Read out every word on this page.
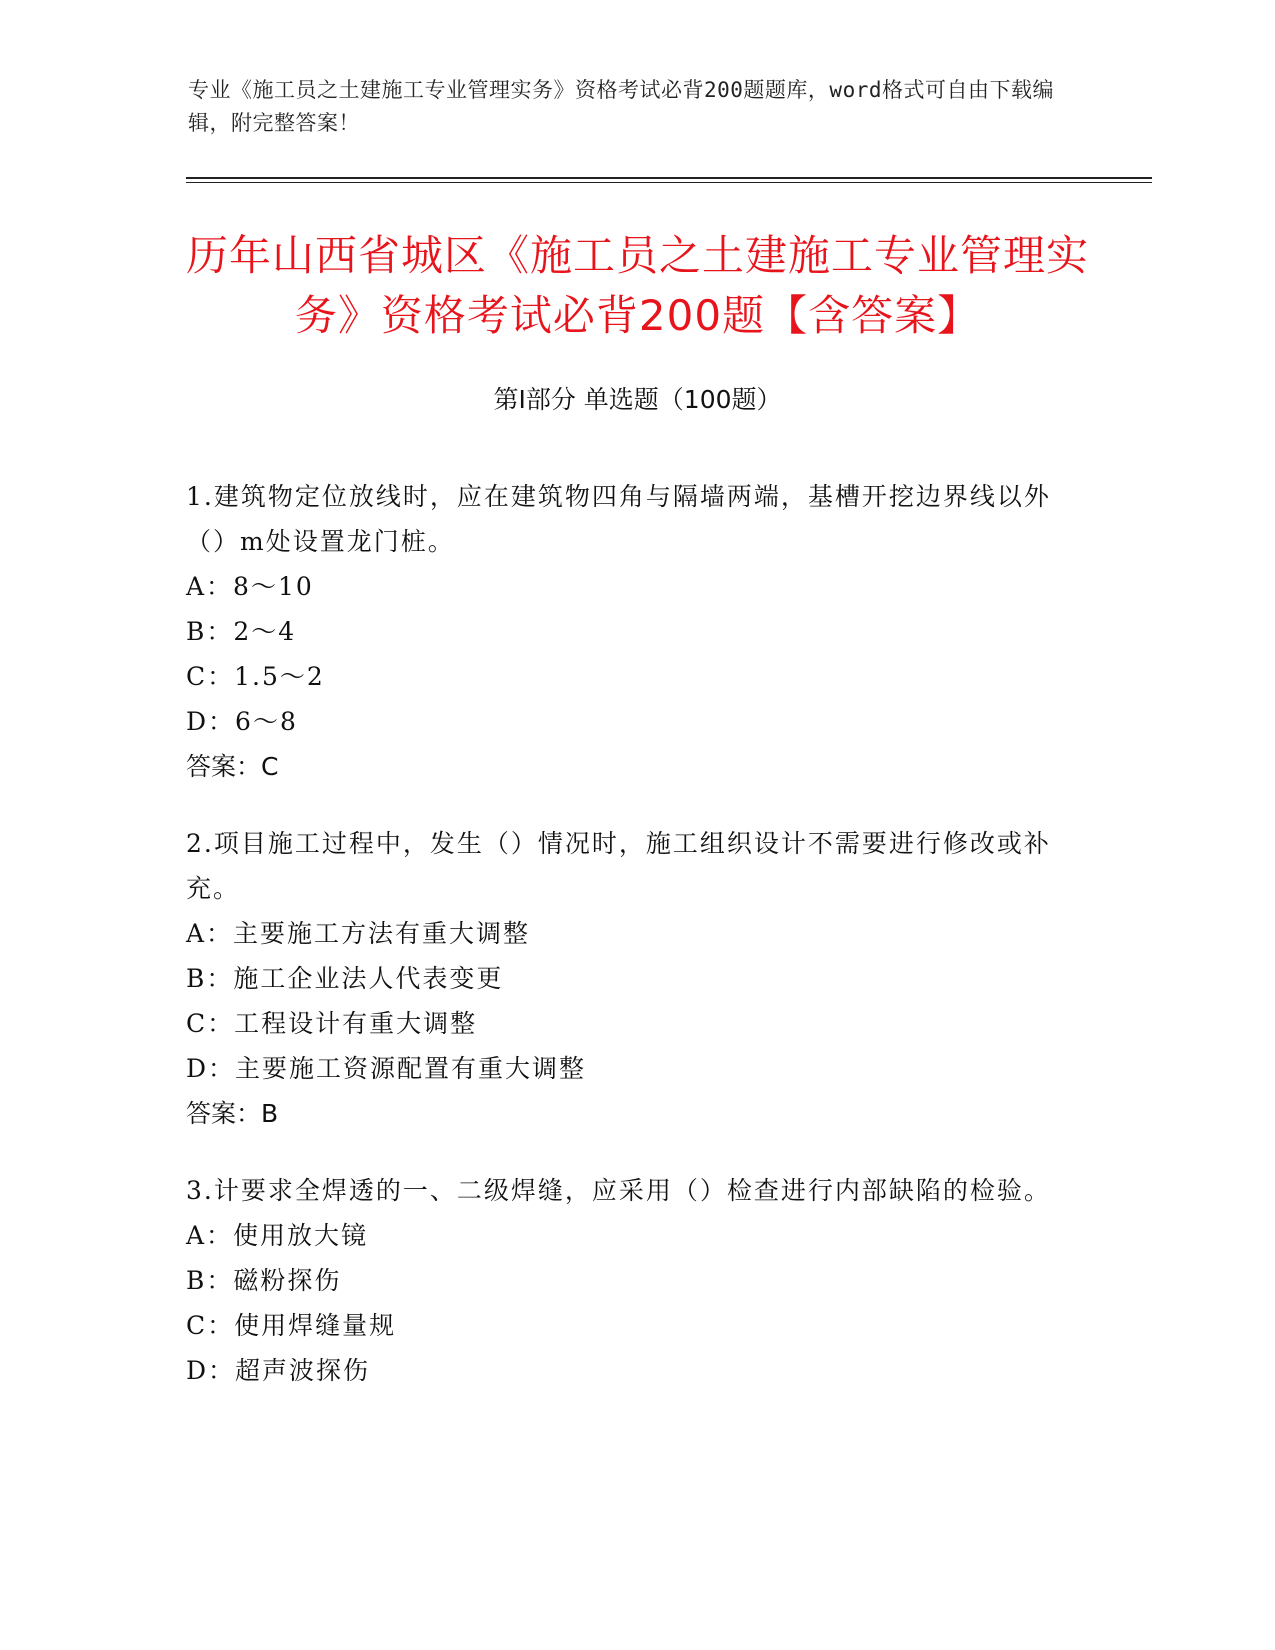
专业《施工员之土建施工专业管理实务》资格考试必背200题题库，word格式可自由下载编辑，附完整答案！
历年山西省城区《施工员之土建施工专业管理实务》资格考试必背200题【含答案】
第Ⅰ部分 单选题（100题）
1.建筑物定位放线时，应在建筑物四角与隔墙两端，基槽开挖边界线以外（）m处设置龙门桩。
A：8～10
B：2～4
C：1.5～2
D：6～8
答案：C
2.项目施工过程中，发生（）情况时，施工组织设计不需要进行修改或补充。
A：主要施工方法有重大调整
B：施工企业法人代表变更
C：工程设计有重大调整
D：主要施工资源配置有重大调整
答案：B
3.计要求全焊透的一、二级焊缝，应采用（）检查进行内部缺陷的检验。
A：使用放大镜
B：磁粉探伤
C：使用焊缝量规
D：超声波探伤
